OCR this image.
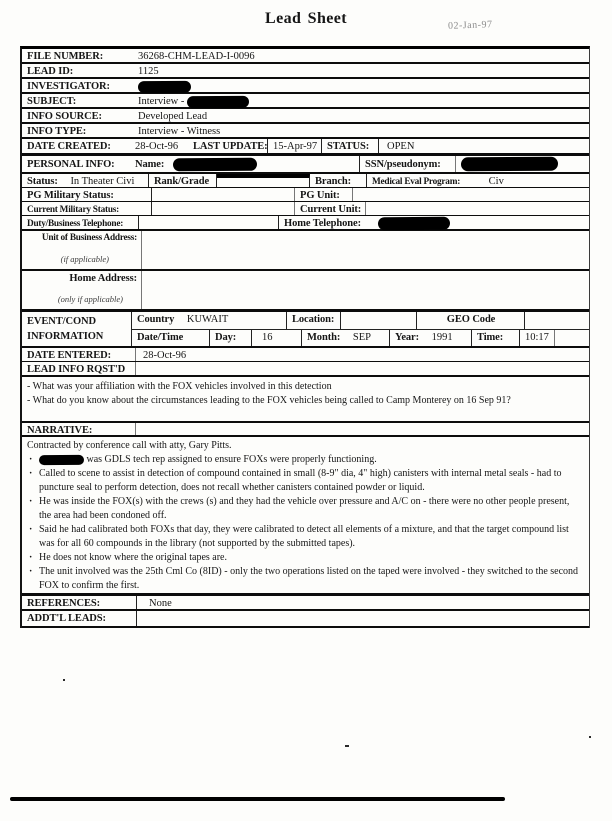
Lead Sheet	02-Jan-97
FILE NUMBER:	36268-CHM-LEAD-I-0096
LEAD ID:	1125
INVESTIGATOR:
SUBJECT:	Interview -
INFO SOURCE:	Developed Lead
INFO TYPE:	Interview - Witness
DATE CREATED:	28-Oct-96	LAST UPDATE: 15-Apr-97 STATUS:	OPEN
PERSONAL INFO:	Name:	SSN/pseudonym:
Status: In Theater Civi	Rank/Grade	Branch:	Medical Eval Program:	Civ
PG Military Status:	PG Unit:
Current Military Status:	Current Unit:
Duty/Business Telephone:	Home Telephone:
Unit of Business Address:
(if applicable)
Home Address:
(only if applicable)
EVENT/COND
INFORMATION
Country KUWAIT	Location:	GEO Code
Date/Time	Day:	16	Month: SEP	Year: 1991	Time:	10:17
DATE ENTERED:	28-Oct-96
LEAD INFO RQST'D
- What was your affiliation with the FOX vehicles involved in this detection
- What do you know about the circumstances leading to the FOX vehicles being called to Camp Monterey on 16 Sep 91?
NARRATIVE:
Contracted by conference call with atty, Gary Pitts.
·	was GDLS tech rep assigned to ensure FOXs were properly functioning.
· Called to scene to assist in detection of compound contained in small (8-9" dia, 4" high) canisters with internal metal seals - had to puncture seal to perform detection, does not recall whether canisters contained powder or liquid.
· He was inside the FOX(s) with the crews (s) and they had the vehicle over pressure and A/C on - there were no other people present, the area had been condoned off.
· Said he had calibrated both FOXs that day, they were calibrated to detect all elements of a mixture, and that the target compound list was for all 60 compounds in the library (not supported by the submitted tapes).
· He does not know where the original tapes are.
· The unit involved was the 25th Cml Co (8ID) - only the two operations listed on the taped were involved - they switched to the second FOX to confirm the first.
REFERENCES:	None
ADDT'L LEADS:
